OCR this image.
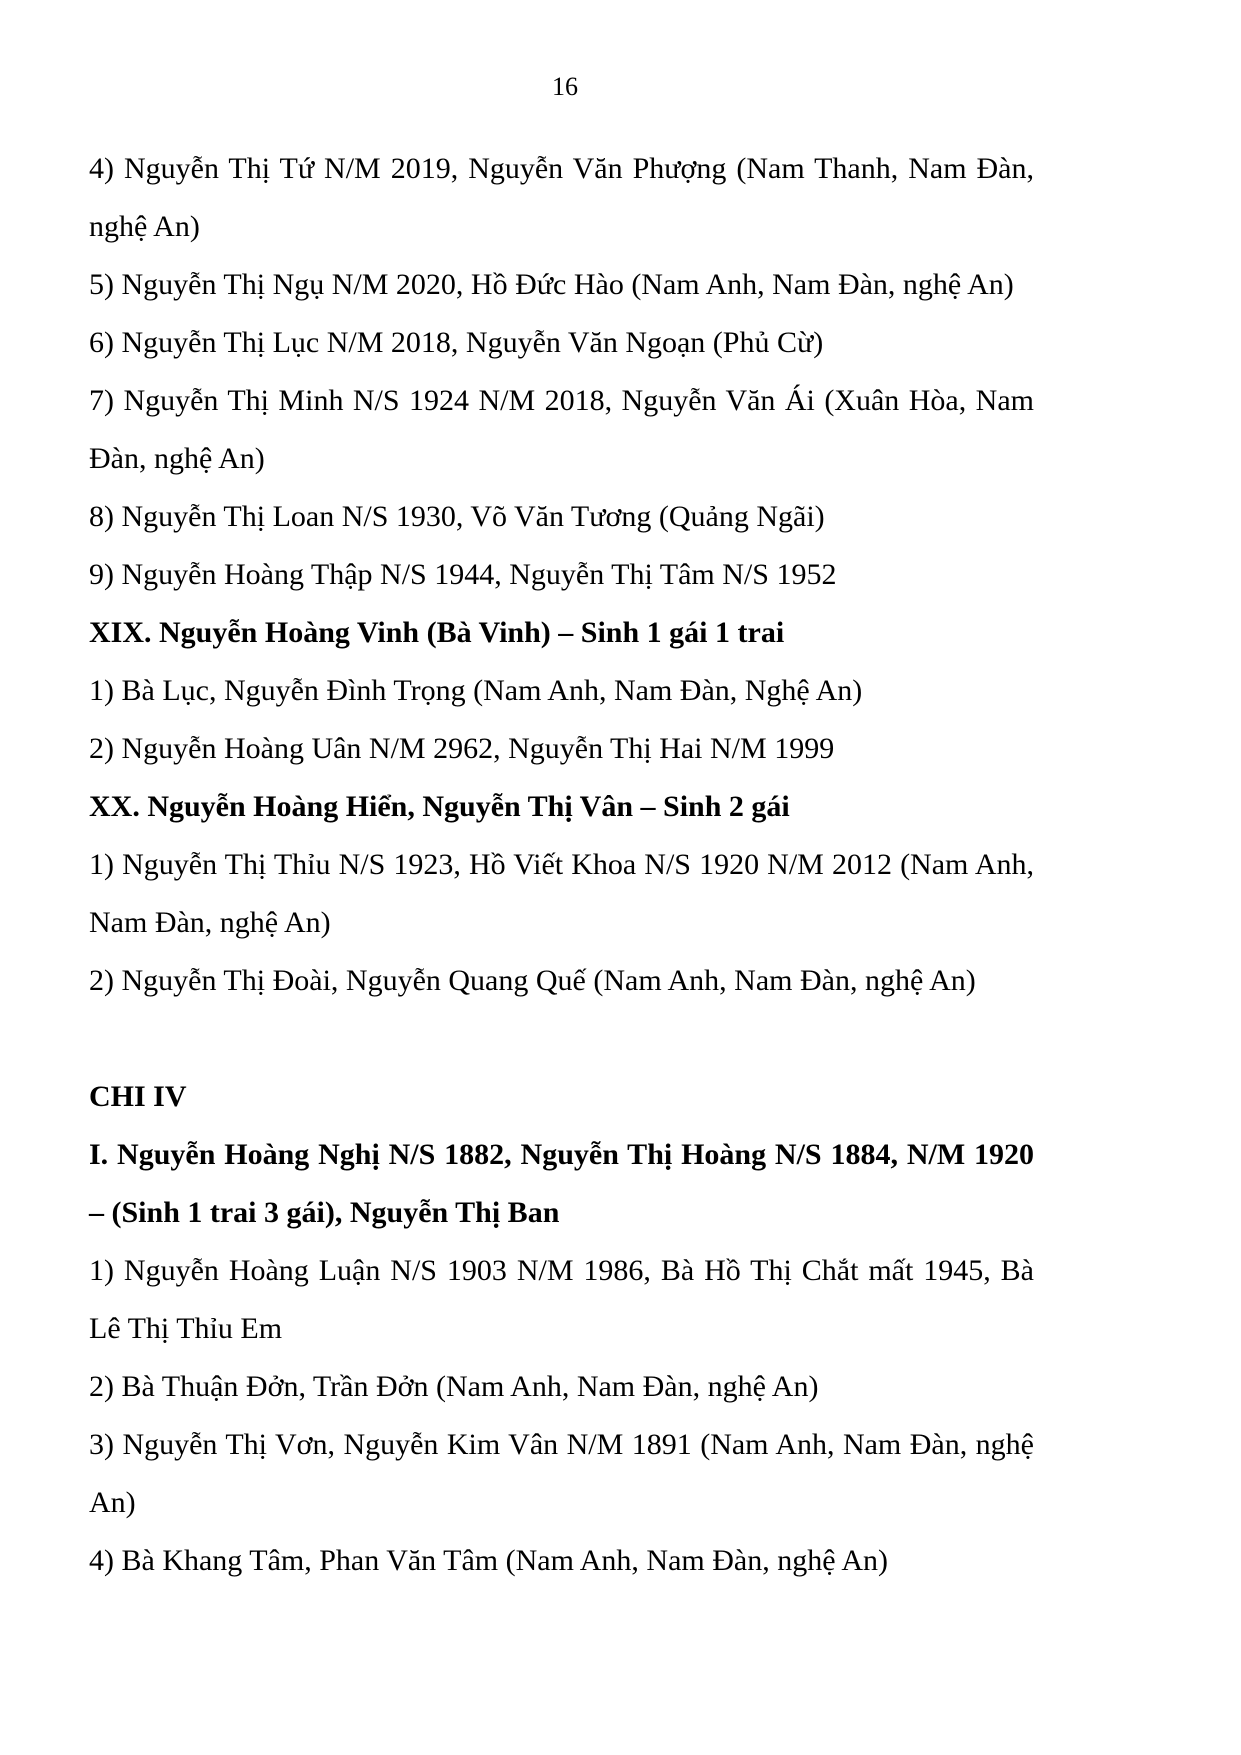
16

4) Nguyễn Thị Tứ N/M 2019, Nguyễn Văn Phượng (Nam Thanh, Nam Đàn, nghệ An)

5) Nguyễn Thị Ngụ N/M 2020, Hồ Đức Hào (Nam Anh, Nam Đàn, nghệ An)

6) Nguyễn Thị Lục N/M 2018, Nguyễn Văn Ngoạn (Phủ Cừ)

7) Nguyễn Thị Minh N/S 1924 N/M 2018, Nguyễn Văn Ái (Xuân Hòa, Nam Đàn, nghệ An)

8) Nguyễn Thị Loan N/S 1930, Võ Văn Tương (Quảng Ngãi)

9) Nguyễn Hoàng Thập N/S 1944, Nguyễn Thị Tâm N/S 1952

XIX. Nguyễn Hoàng Vinh (Bà Vinh) – Sinh 1 gái 1 trai

1) Bà Lục, Nguyễn Đình Trọng (Nam Anh, Nam Đàn, Nghệ An)

2) Nguyễn Hoàng Uân N/M 2962, Nguyễn Thị Hai N/M 1999

XX. Nguyễn Hoàng Hiển, Nguyễn Thị Vân – Sinh 2 gái

1) Nguyễn Thị Thỉu N/S 1923, Hồ Viết Khoa N/S 1920 N/M 2012 (Nam Anh, Nam Đàn, nghệ An)

2) Nguyễn Thị Đoài, Nguyễn Quang Quế (Nam Anh, Nam Đàn, nghệ An)

CHI IV

I. Nguyễn Hoàng Nghị N/S 1882, Nguyễn Thị Hoàng N/S 1884, N/M 1920 – (Sinh 1 trai 3 gái), Nguyễn Thị Ban

1) Nguyễn Hoàng Luận N/S 1903 N/M 1986, Bà Hồ Thị Chắt mất 1945, Bà Lê Thị Thỉu Em

2) Bà Thuận Đởn, Trần Đởn (Nam Anh, Nam Đàn, nghệ An)

3) Nguyễn Thị Vơn, Nguyễn Kim Vân N/M 1891 (Nam Anh, Nam Đàn, nghệ An)

4) Bà Khang Tâm, Phan Văn Tâm (Nam Anh, Nam Đàn, nghệ An)
